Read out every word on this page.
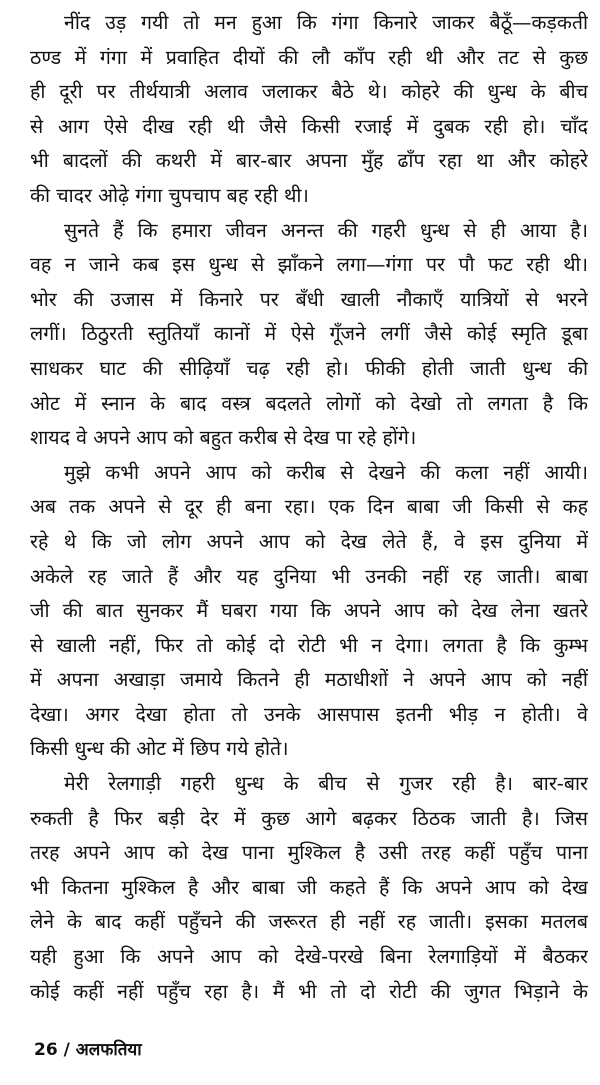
नींद उड़ गयी तो मन हुआ कि गंगा किनारे जाकर बैठूँ—कड़कती
ठण्ड में गंगा में प्रवाहित दीयों की लौ काँप रही थी और तट से कुछ
ही दूरी पर तीर्थयात्री अलाव जलाकर बैठे थे। कोहरे की धुन्ध के बीच
से आग ऐसे दीख रही थी जैसे किसी रजाई में दुबक रही हो। चाँद
भी बादलों की कथरी में बार-बार अपना मुँह ढाँप रहा था और कोहरे
की चादर ओढ़े गंगा चुपचाप बह रही थी।
सुनते हैं कि हमारा जीवन अनन्त की गहरी धुन्ध से ही आया है।
वह न जाने कब इस धुन्ध से झाँकने लगा—गंगा पर पौ फट रही थी।
भोर की उजास में किनारे पर बँधी खाली नौकाएँ यात्रियों से भरने
लगीं। ठिठुरती स्तुतियाँ कानों में ऐसे गूँजने लगीं जैसे कोई स्मृति डूबा
साधकर घाट की सीढ़ियाँ चढ़ रही हो। फीकी होती जाती धुन्ध की
ओट में स्नान के बाद वस्त्र बदलते लोगों को देखो तो लगता है कि
शायद वे अपने आप को बहुत करीब से देख पा रहे होंगे।
मुझे कभी अपने आप को करीब से देखने की कला नहीं आयी।
अब तक अपने से दूर ही बना रहा। एक दिन बाबा जी किसी से कह
रहे थे कि जो लोग अपने आप को देख लेते हैं, वे इस दुनिया में
अकेले रह जाते हैं और यह दुनिया भी उनकी नहीं रह जाती। बाबा
जी की बात सुनकर मैं घबरा गया कि अपने आप को देख लेना खतरे
से खाली नहीं, फिर तो कोई दो रोटी भी न देगा। लगता है कि कुम्भ
में अपना अखाड़ा जमाये कितने ही मठाधीशों ने अपने आप को नहीं
देखा। अगर देखा होता तो उनके आसपास इतनी भीड़ न होती। वे
किसी धुन्ध की ओट में छिप गये होते।
मेरी रेलगाड़ी गहरी धुन्ध के बीच से गुजर रही है। बार-बार
रुकती है फिर बड़ी देर में कुछ आगे बढ़कर ठिठक जाती है। जिस
तरह अपने आप को देख पाना मुश्किल है उसी तरह कहीं पहुँच पाना
भी कितना मुश्किल है और बाबा जी कहते हैं कि अपने आप को देख
लेने के बाद कहीं पहुँचने की जरूरत ही नहीं रह जाती। इसका मतलब
यही हुआ कि अपने आप को देखे-परखे बिना रेलगाड़ियों में बैठकर
कोई कहीं नहीं पहुँच रहा है। मैं भी तो दो रोटी की जुगत भिड़ाने के
26 / अलफतिया
